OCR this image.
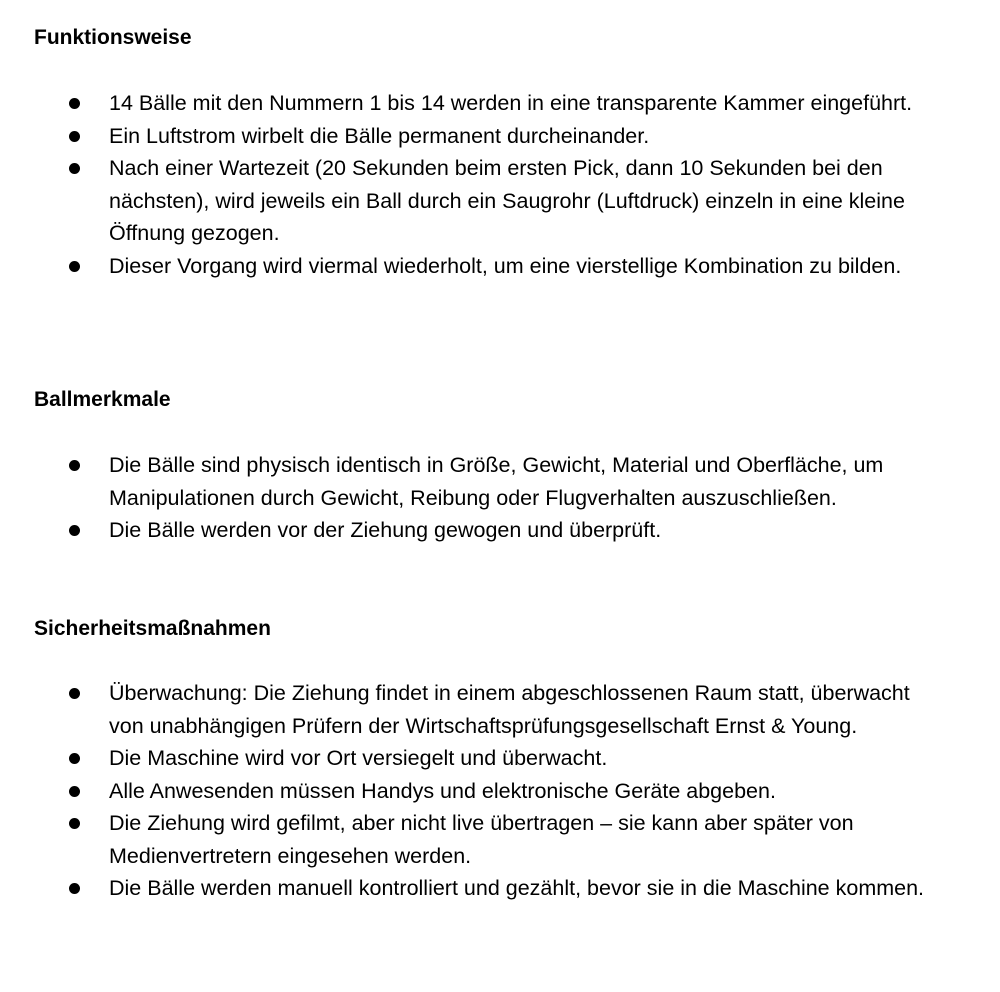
Funktionsweise
14 Bälle mit den Nummern 1 bis 14 werden in eine transparente Kammer eingeführt.
Ein Luftstrom wirbelt die Bälle permanent durcheinander.
Nach einer Wartezeit (20 Sekunden beim ersten Pick, dann 10 Sekunden bei den nächsten), wird jeweils ein Ball durch ein Saugrohr (Luftdruck) einzeln in eine kleine Öffnung gezogen.
Dieser Vorgang wird viermal wiederholt, um eine vierstellige Kombination zu bilden.
Ballmerkmale
Die Bälle sind physisch identisch in Größe, Gewicht, Material und Oberfläche, um Manipulationen durch Gewicht, Reibung oder Flugverhalten auszuschließen.
Die Bälle werden vor der Ziehung gewogen und überprüft.
Sicherheitsmaßnahmen
Überwachung: Die Ziehung findet in einem abgeschlossenen Raum statt, überwacht von unabhängigen Prüfern der Wirtschaftsprüfungsgesellschaft Ernst & Young.
Die Maschine wird vor Ort versiegelt und überwacht.
Alle Anwesenden müssen Handys und elektronische Geräte abgeben.
Die Ziehung wird gefilmt, aber nicht live übertragen – sie kann aber später von Medienvertretern eingesehen werden.
Die Bälle werden manuell kontrolliert und gezählt, bevor sie in die Maschine kommen.
